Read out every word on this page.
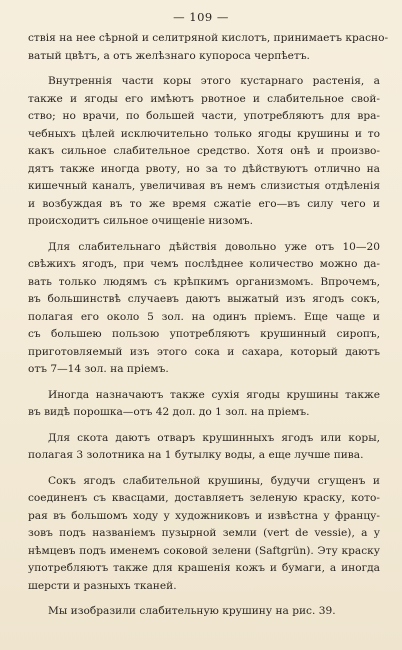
— 109 —

ствія на нее сѣрной и селитряной кислотъ, принимаетъ красно-
ватый цвѣтъ, а отъ желѣзнаго купороса черпѣетъ.

Внутреннія части коры этого кустарнаго растенія, а
также и ягоды его имѣютъ рвотное и слабительное свой-
ство; но врачи, по большей части, употребляютъ для вра-
чебныхъ цѣлей исключительно только ягоды крушины и то
какъ сильное слабительное средство. Хотя онѣ и произво-
дятъ также иногда рвоту, но за то дѣйствуютъ отлично на
кишечный каналъ, увеличивая въ немъ слизистыя отдѣленія
и возбуждая въ то же время сжатіе его—въ силу чего и
происходитъ сильное очищеніе низомъ.

Для слабительнаго дѣйствія довольно уже отъ 10—20
свѣжихъ ягодъ, при чемъ послѣднее количество можно да-
вать только людямъ съ крѣпкимъ организмомъ. Впрочемъ,
въ большинствѣ случаевъ даютъ выжатый изъ ягодъ сокъ,
полагая его около 5 зол. на одинъ пріемъ. Еще чаще и
съ большею пользою употребляютъ крушинный сиропъ,
приготовляемый изъ этого сока и сахара, который даютъ
отъ 7—14 зол. на пріемъ.

Иногда назначаютъ также сухія ягоды крушины также
въ видѣ порошка—отъ 42 дол. до 1 зол. на пріемъ.

Для скота даютъ отваръ крушинныхъ ягодъ или коры,
полагая 3 золотника на 1 бутылку воды, а еще лучше пива.

Сокъ ягодъ слабительной крушины, будучи сгущенъ и
соединенъ съ квасцами, доставляетъ зеленую краску, кото-
рая въ большомъ ходу у художниковъ и извѣстна у францу-
зовъ подъ названіемъ пузырной земли (vert de vessie), а у
нѣмцевъ подъ именемъ соковой зелени (Saftgrün). Эту краску
употребляютъ также для крашенія кожъ и бумаги, а иногда
шерсти и разныхъ тканей.

Мы изобразили слабительную крушину на рис. 39.
